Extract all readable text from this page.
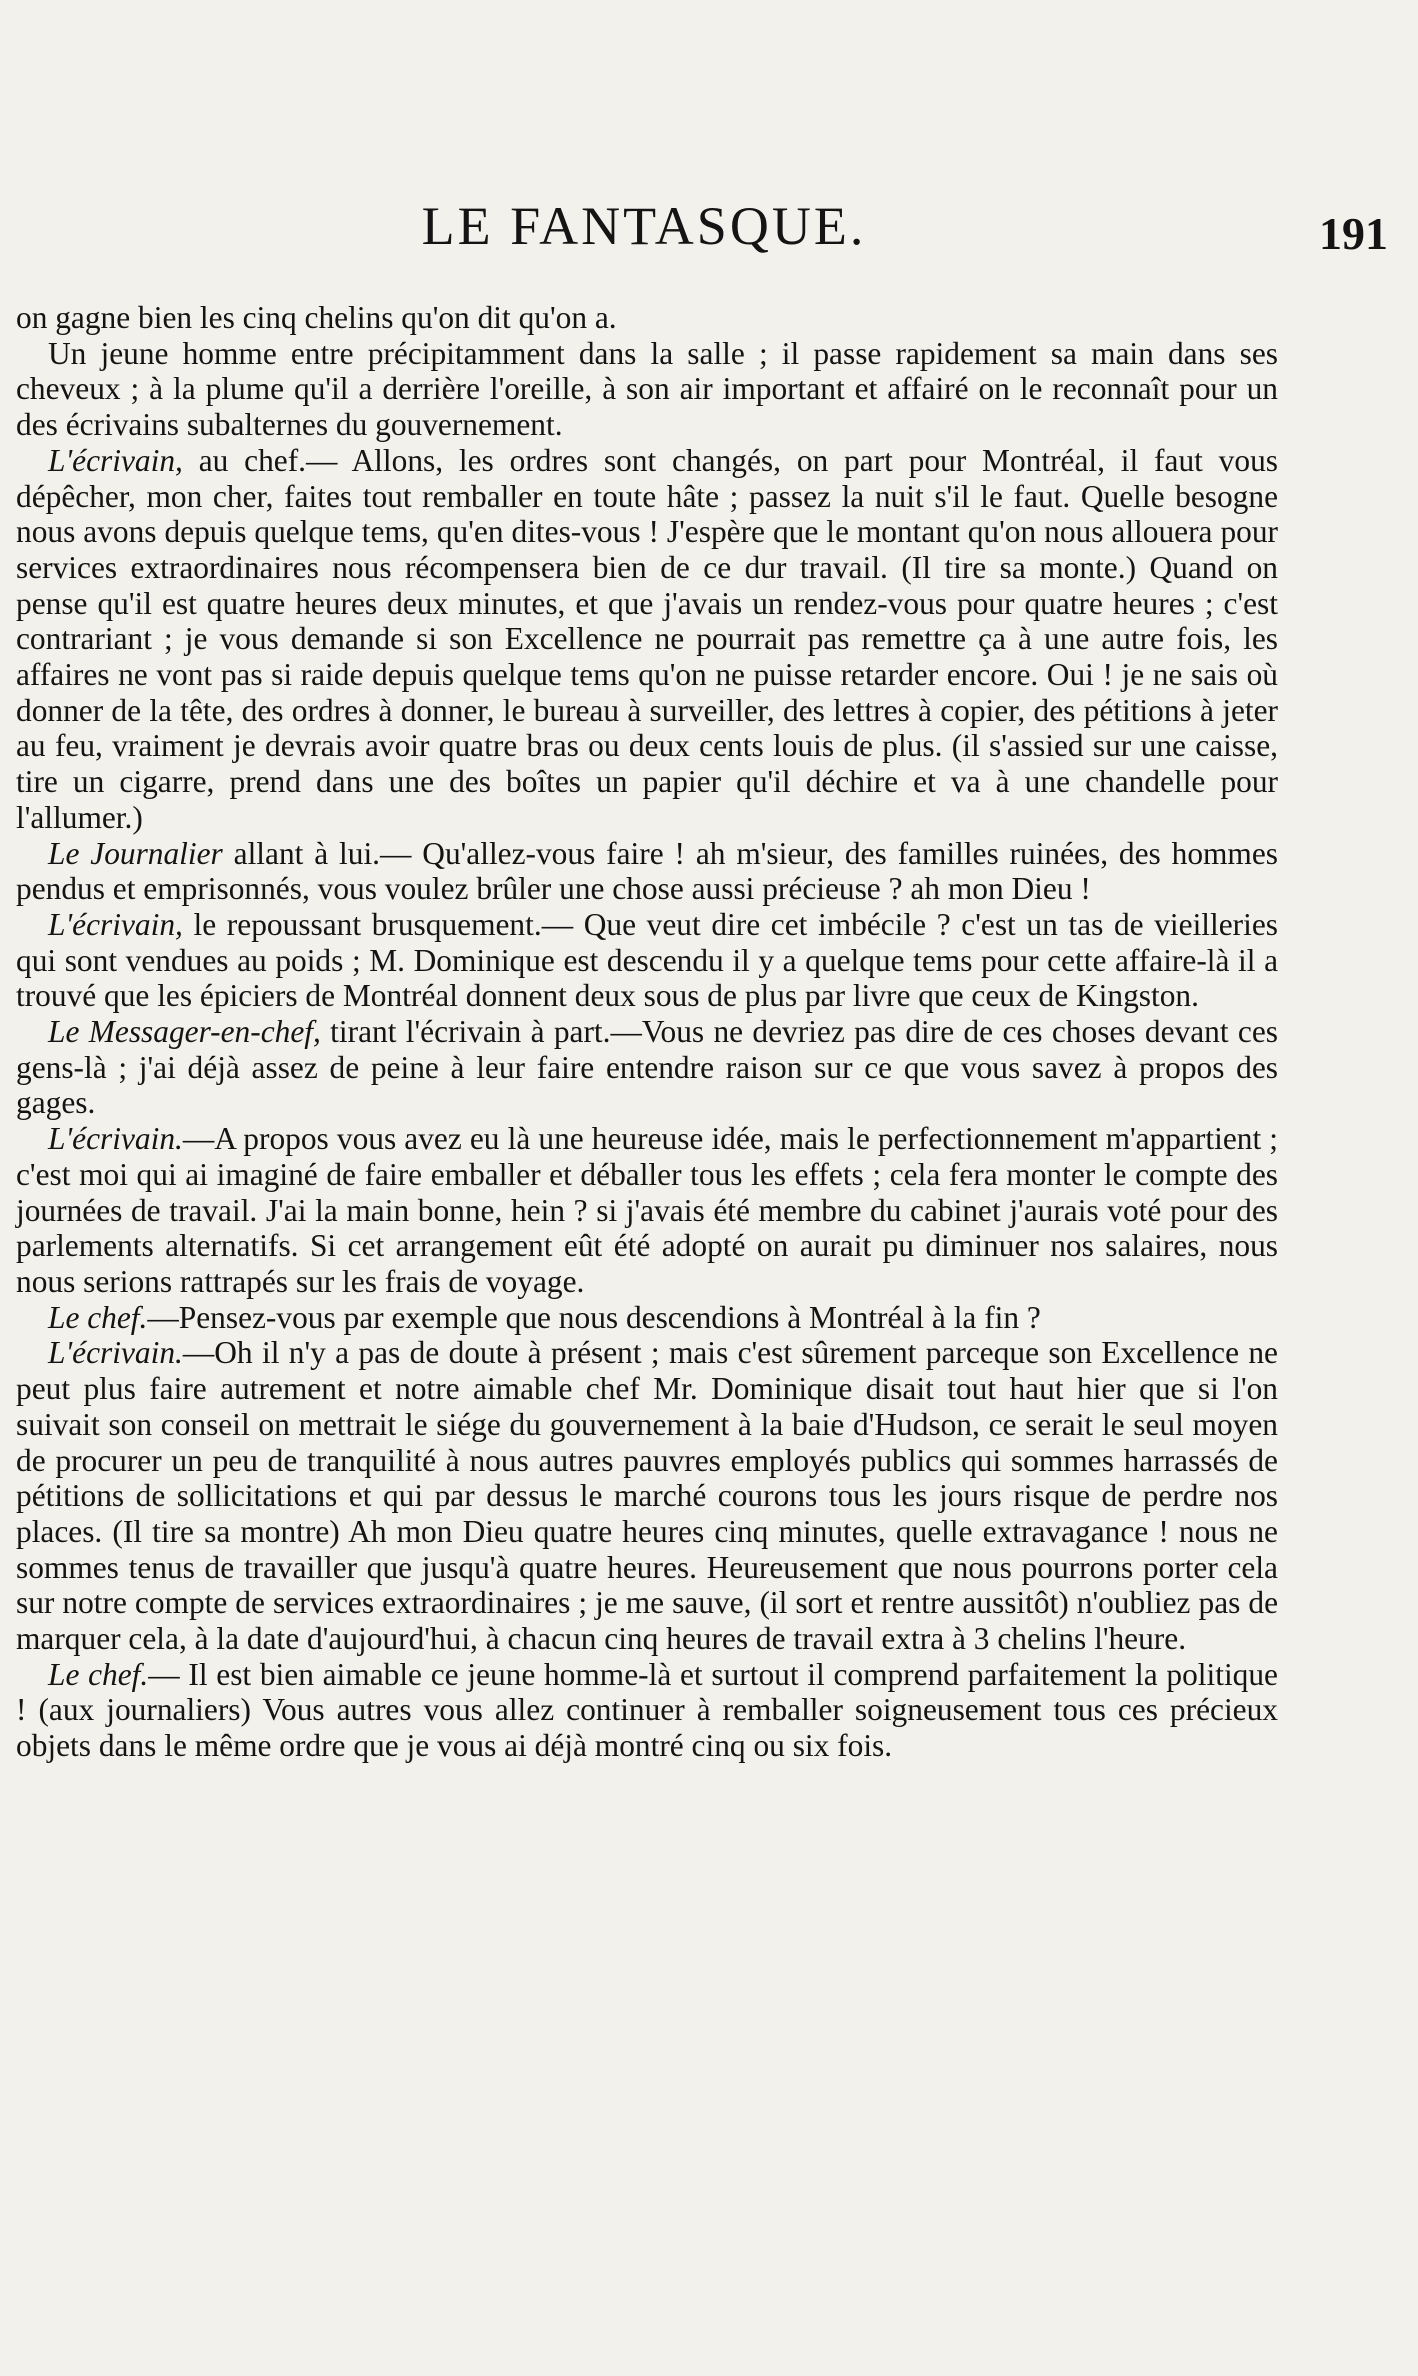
LE FANTASQUE.	191

on gagne bien les cinq chelins qu'on dit qu'on a.

Un jeune homme entre précipitamment dans la salle ; il passe rapidement sa main dans ses cheveux ; à la plume qu'il a derrière l'oreille, à son air important et affairé on le reconnaît pour un des écrivains subalternes du gouvernement.

L'écrivain, au chef.— Allons, les ordres sont changés, on part pour Montréal, il faut vous dépêcher, mon cher, faites tout remballer en toute hâte ; passez la nuit s'il le faut. Quelle besogne nous avons depuis quelque tems, qu'en dites-vous ! J'espère que le montant qu'on nous allouera pour services extraordinaires nous récompensera bien de ce dur travail. (Il tire sa monte.) Quand on pense qu'il est quatre heures deux minutes, et que j'avais un rendez-vous pour quatre heures ; c'est contrariant ; je vous demande si son Excellence ne pourrait pas remettre ça à une autre fois, les affaires ne vont pas si raide depuis quelque tems qu'on ne puisse retarder encore. Oui ! je ne sais où donner de la tête, des ordres à donner, le bureau à surveiller, des lettres à copier, des pétitions à jeter au feu, vraiment je devrais avoir quatre bras ou deux cents louis de plus. (il s'assied sur une caisse, tire un cigarre, prend dans une des boîtes un papier qu'il déchire et va à une chandelle pour l'allumer.)

Le Journalier allant à lui.— Qu'allez-vous faire ! ah m'sieur, des familles ruinées, des hommes pendus et emprisonnés, vous voulez brûler une chose aussi précieuse ? ah mon Dieu !

L'écrivain, le repoussant brusquement.— Que veut dire cet imbécile ? c'est un tas de vieilleries qui sont vendues au poids ; M. Dominique est descendu il y a quelque tems pour cette affaire-là il a trouvé que les épiciers de Montréal donnent deux sous de plus par livre que ceux de Kingston.

Le Messager-en-chef, tirant l'écrivain à part.—Vous ne devriez pas dire de ces choses devant ces gens-là ; j'ai déjà assez de peine à leur faire entendre raison sur ce que vous savez à propos des gages.

L'écrivain.—A propos vous avez eu là une heureuse idée, mais le perfectionnement m'appartient ; c'est moi qui ai imaginé de faire emballer et déballer tous les effets ; cela fera monter le compte des journées de travail. J'ai la main bonne, hein ? si j'avais été membre du cabinet j'aurais voté pour des parlements alternatifs. Si cet arrangement eût été adopté on aurait pu diminuer nos salaires, nous nous serions rattrapés sur les frais de voyage.

Le chef.—Pensez-vous par exemple que nous descendions à Montréal à la fin ?

L'écrivain.—Oh il n'y a pas de doute à présent ; mais c'est sûrement parceque son Excellence ne peut plus faire autrement et notre aimable chef Mr. Dominique disait tout haut hier que si l'on suivait son conseil on mettrait le siége du gouvernement à la baie d'Hudson, ce serait le seul moyen de procurer un peu de tranquilité à nous autres pauvres employés publics qui sommes harrassés de pétitions de sollicitations et qui par dessus le marché courons tous les jours risque de perdre nos places. (Il tire sa montre) Ah mon Dieu quatre heures cinq minutes, quelle extravagance ! nous ne sommes tenus de travailler que jusqu'à quatre heures. Heureusement que nous pourrons porter cela sur notre compte de services extraordinaires ; je me sauve, (il sort et rentre aussitôt) n'oubliez pas de marquer cela, à la date d'aujourd'hui, à chacun cinq heures de travail extra à 3 chelins l'heure.

Le chef.— Il est bien aimable ce jeune homme-là et surtout il comprend parfaitement la politique ! (aux journaliers) Vous autres vous allez continuer à remballer soigneusement tous ces précieux objets dans le même ordre que je vous ai déjà montré cinq ou six fois.
